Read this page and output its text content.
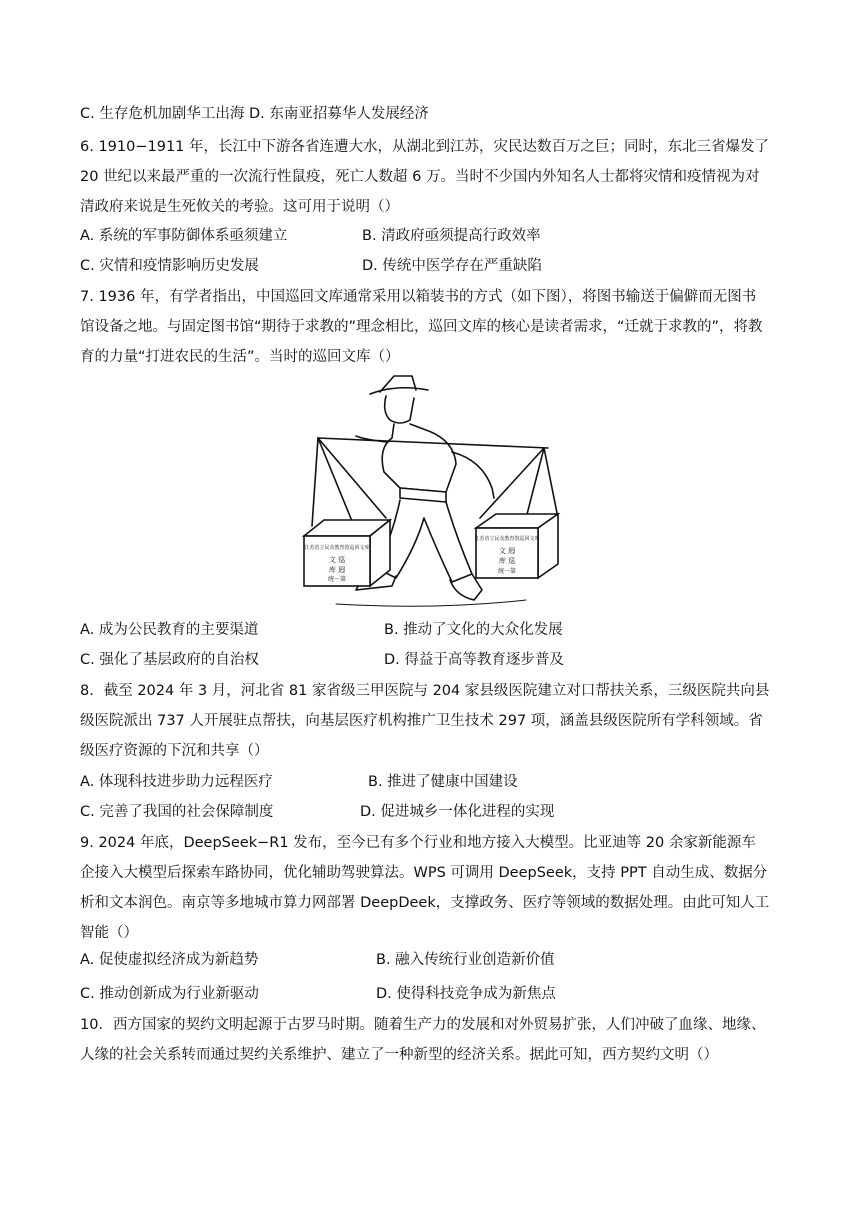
C. 生存危机加剧华工出海 D. 东南亚招募华人发展经济
6. 1910−1911 年，长江中下游各省连遭大水，从湖北到江苏，灾民达数百万之巨；同时，东北三省爆发了 20 世纪以来最严重的一次流行性鼠疫，死亡人数超 6 万。当时不少国内外知名人士都将灾情和疫情视为对清政府来说是生死攸关的考验。这可用于说明（）
A. 系统的军事防御体系亟须建立	B. 清政府亟须提高行政效率
C. 灾情和疫情影响历史发展	D. 传统中医学存在严重缺陷
7. 1936 年，有学者指出，中国巡回文库通常采用以箱装书的方式（如下图），将图书输送于偏僻而无图书馆设备之地。与固定图书馆“期待于求教的”理念相比，巡回文库的核心是读者需求，“迁就于求教的”，将教育的力量“打进农民的生活”。当时的巡回文库（）
江苏省立民众教育馆巡回文库
文 巡
库 迥
统一第
江苏省立民众教育馆巡回文库
文 迥
库 巡
统一第
A. 成为公民教育的主要渠道	B. 推动了文化的大众化发展
C. 强化了基层政府的自治权	D. 得益于高等教育逐步普及
8．截至 2024 年 3 月，河北省 81 家省级三甲医院与 204 家县级医院建立对口帮扶关系，三级医院共向县级医院派出 737 人开展驻点帮扶，向基层医疗机构推广卫生技术 297 项，涵盖县级医院所有学科领域。省级医疗资源的下沉和共享（）
A. 体现科技进步助力远程医疗	B. 推进了健康中国建设
C. 完善了我国的社会保障制度	D. 促进城乡一体化进程的实现
9. 2024 年底，DeepSeek−R1 发布，至今已有多个行业和地方接入大模型。比亚迪等 20 余家新能源车企接入大模型后探索车路协同，优化辅助驾驶算法。WPS 可调用 DeepSeek，支持 PPT 自动生成、数据分析和文本润色。南京等多地城市算力网部署 DeepDeek，支撑政务、医疗等领域的数据处理。由此可知人工智能（）
A. 促使虚拟经济成为新趋势	B. 融入传统行业创造新价值
C. 推动创新成为行业新驱动	D. 使得科技竞争成为新焦点
10．西方国家的契约文明起源于古罗马时期。随着生产力的发展和对外贸易扩张，人们冲破了血缘、地缘、人缘的社会关系转而通过契约关系维护、建立了一种新型的经济关系。据此可知，西方契约文明（）
